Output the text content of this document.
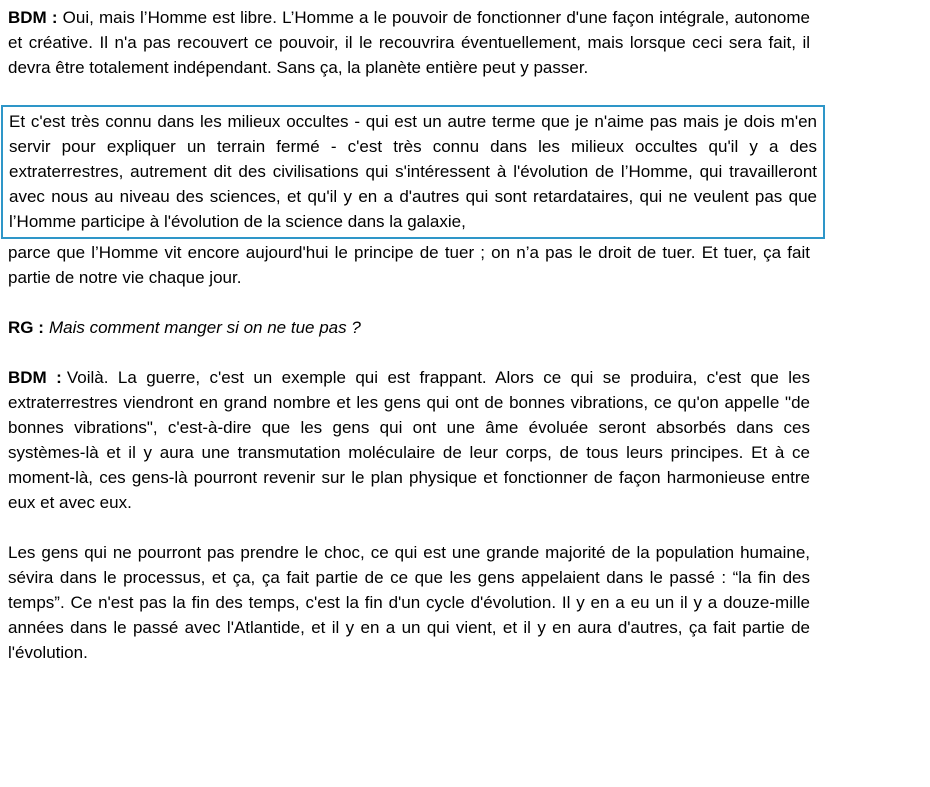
BDM : Oui, mais l’Homme est libre. L’Homme a le pouvoir de fonctionner d'une façon intégrale, autonome et créative. Il n'a pas recouvert ce pouvoir, il le recouvrira éventuellement, mais lorsque ceci sera fait, il devra être totalement indépendant. Sans ça, la planète entière peut y passer.

Et c'est très connu dans les milieux occultes - qui est un autre terme que je n'aime pas mais je dois m'en servir pour expliquer un terrain fermé - c'est très connu dans les milieux occultes qu'il y a des extraterrestres, autrement dit des civilisations qui s'intéressent à l'évolution de l’Homme, qui travailleront avec nous au niveau des sciences, et qu'il y en a d'autres qui sont retardataires, qui ne veulent pas que l’Homme participe à l'évolution de la science dans la galaxie,

parce que l’Homme vit encore aujourd'hui le principe de tuer ; on n’a pas le droit de tuer. Et tuer, ça fait partie de notre vie chaque jour.

RG : Mais comment manger si on ne tue pas ?

BDM : Voilà. La guerre, c'est un exemple qui est frappant. Alors ce qui se produira, c'est que les extraterrestres viendront en grand nombre et les gens qui ont de bonnes vibrations, ce qu'on appelle "de bonnes vibrations", c'est-à-dire que les gens qui ont une âme évoluée seront absorbés dans ces systèmes-là et il y aura une transmutation moléculaire de leur corps, de tous leurs principes. Et à ce moment-là, ces gens-là pourront revenir sur le plan physique et fonctionner de façon harmonieuse entre eux et avec eux.

Les gens qui ne pourront pas prendre le choc, ce qui est une grande majorité de la population humaine, sévira dans le processus, et ça, ça fait partie de ce que les gens appelaient dans le passé : “la fin des temps”. Ce n'est pas la fin des temps, c'est la fin d'un cycle d'évolution. Il y en a eu un il y a douze-mille années dans le passé avec l'Atlantide, et il y en a un qui vient, et il y en aura d'autres, ça fait partie de l'évolution.
